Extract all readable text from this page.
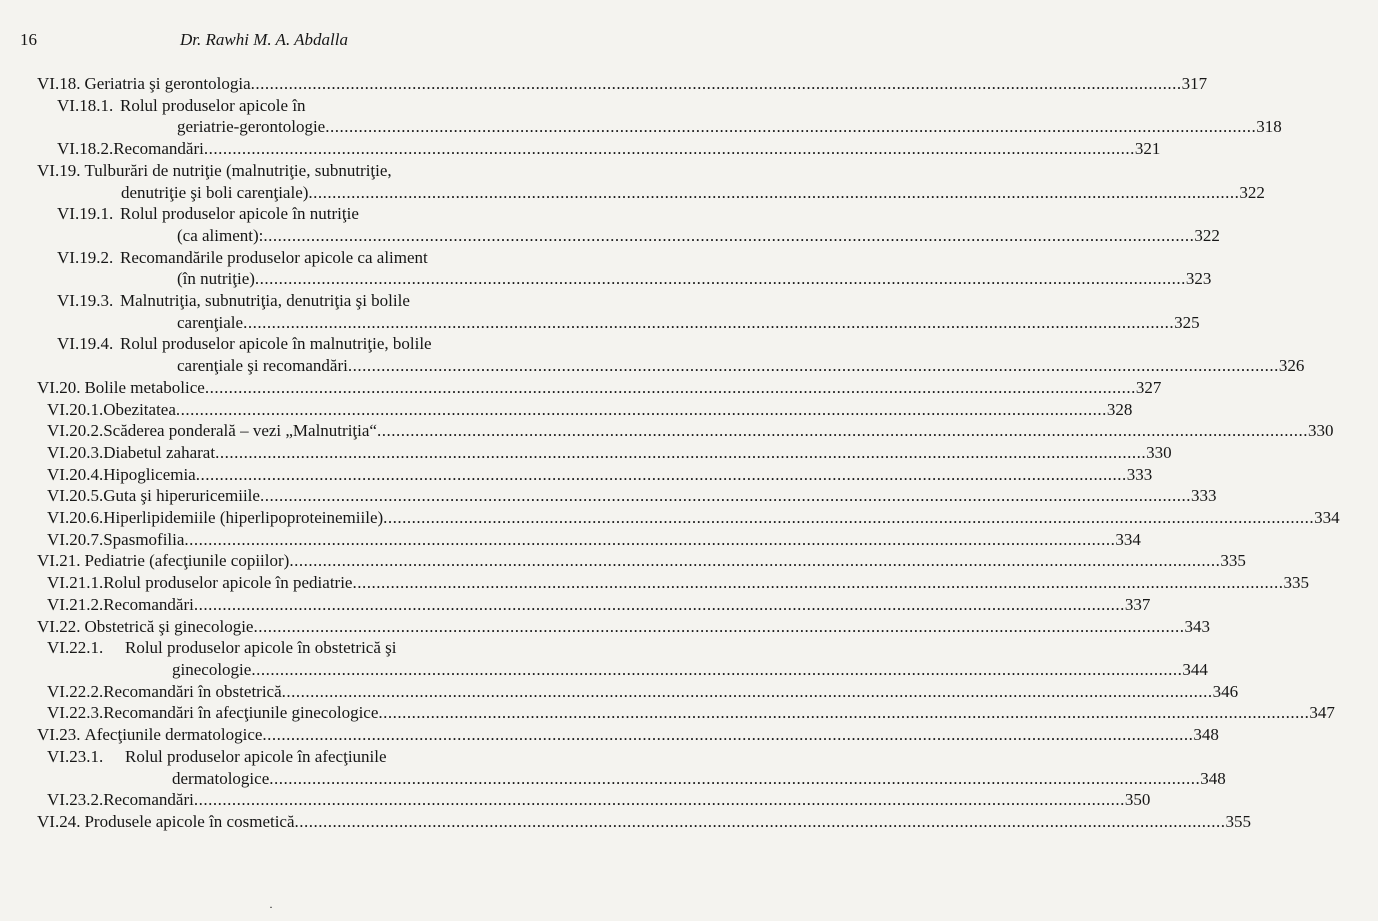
16	Dr. Rawhi M. A. Abdalla
VI.18. Geriatria şi gerontologia .....	317
VI.18.1. Rolul produselor apicole în
geriatrie-gerontologie .....	318
VI.18.2. Recomandări .....	321
VI.19. Tulburări de nutriţie (malnutriţie, subnutriţie,
denutriţie şi boli carenţiale) .....	322
VI.19.1. Rolul produselor apicole în nutriţie
(ca aliment): .....	322
VI.19.2. Recomandările produselor apicole ca aliment
(în nutriţie) .....	323
VI.19.3. Malnutriţia, subnutriţia, denutriţia şi bolile
carenţiale .....	325
VI.19.4. Rolul produselor apicole în malnutriţie, bolile
carenţiale şi recomandări .....	326
VI.20. Bolile metabolice .....	327
VI.20.1. Obezitatea .....	328
VI.20.2. Scăderea ponderală – vezi „Malnutriţia“ .....	330
VI.20.3. Diabetul zaharat .....	330
VI.20.4. Hipoglicemia .....	333
VI.20.5. Guta şi hiperuricemiile .....	333
VI.20.6. Hiperlipidemiile (hiperlipoproteinemiile) .....	334
VI.20.7. Spasmofilia .....	334
VI.21. Pediatrie (afecţiunile copiilor) .....	335
VI.21.1. Rolul produselor apicole în pediatrie .....	335
VI.21.2. Recomandări .....	337
VI.22. Obstetrică şi ginecologie .....	343
VI.22.1.	Rolul produselor apicole în obstetrică şi
ginecologie .....	344
VI.22.2. Recomandări în obstetrică .....	346
VI.22.3. Recomandări în afecţiunile ginecologice .....	347
VI.23. Afecţiunile dermatologice .....	348
VI.23.1.	Rolul produselor apicole în afecţiunile
dermatologice .....	348
VI.23.2. Recomandări .....	350
VI.24. Produsele apicole în cosmetică .....	355
·
